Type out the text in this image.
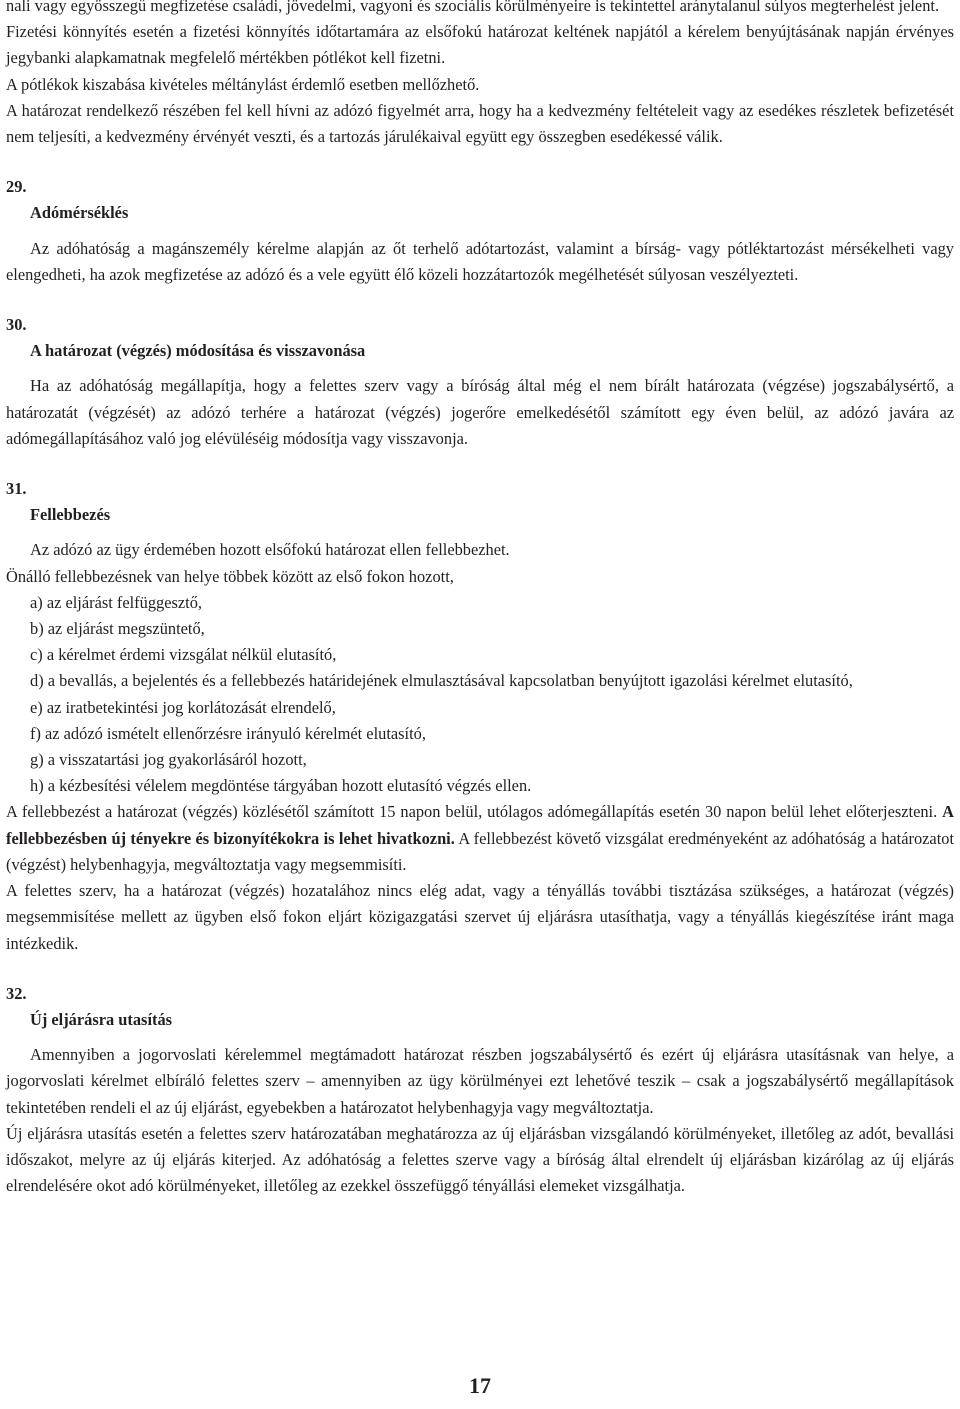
nali vagy egyösszegű megfizetése családi, jövedelmi, vagyoni és szociális körülményeire is tekintettel aránytalanul súlyos megterhelést jelent.

Fizetési könnyítés esetén a fizetési könnyítés időtartamára az elsőfokú határozat keltének napjától a kérelem benyújtásának napján érvényes jegybanki alapkamatnak megfelelő mértékben pótlékot kell fizetni.

A pótlékok kiszabása kivételes méltánylást érdemlő esetben mellőzhető.

A határozat rendelkező részében fel kell hívni az adózó figyelmét arra, hogy ha a kedvezmény feltételeit vagy az esedékes részletek befizetését nem teljesíti, a kedvezmény érvényét veszti, és a tartozás járulékaival együtt egy összegben esedékessé válik.

29.

Adómérséklés

Az adóhatóság a magánszemély kérelme alapján az őt terhelő adótartozást, valamint a bírság- vagy pótléktartozást mérsékelheti vagy elengedheti, ha azok megfizetése az adózó és a vele együtt élő közeli hozzátartozók megélhetését súlyosan veszélyezteti.

30.

A határozat (végzés) módosítása és visszavonása

Ha az adóhatóság megállapítja, hogy a felettes szerv vagy a bíróság által még el nem bírált határozata (végzése) jogszabálysértő, a határozatát (végzését) az adózó terhére a határozat (végzés) jogerőre emelkedésétől számított egy éven belül, az adózó javára az adómegállapításához való jog elévüléséig módosítja vagy visszavonja.

31.

Fellebbezés

Az adózó az ügy érdemében hozott elsőfokú határozat ellen fellebbezhet.

Önálló fellebbezésnek van helye többek között az első fokon hozott,

a) az eljárást felfüggesztő,
b) az eljárást megszüntető,
c) a kérelmet érdemi vizsgálat nélkül elutasító,
d) a bevallás, a bejelentés és a fellebbezés határidejének elmulasztásával kapcsolatban benyújtott igazolási kérelmet elutasító,
e) az iratbetekintési jog korlátozását elrendelő,
f) az adózó ismételt ellenőrzésre irányuló kérelmét elutasító,
g) a visszatartási jog gyakorlásáról hozott,
h) a kézbesítési vélelem megdöntése tárgyában hozott elutasító végzés ellen.

A fellebbezést a határozat (végzés) közlésétől számított 15 napon belül, utólagos adómegállapítás esetén 30 napon belül lehet előterjeszteni. A fellebbezésben új tényekre és bizonyítékokra is lehet hivatkozni. A fellebbezést követő vizsgálat eredményeként az adóhatóság a határozatot (végzést) helybenhagyja, megváltoztatja vagy megsemmisíti.

A felettes szerv, ha a határozat (végzés) hozatalához nincs elég adat, vagy a tényállás további tisztázása szükséges, a határozat (végzés) megsemmisítése mellett az ügyben első fokon eljárt közigazgatási szervet új eljárásra utasíthatja, vagy a tényállás kiegészítése iránt maga intézkedik.

32.

Új eljárásra utasítás

Amennyiben a jogorvoslati kérelemmel megtámadott határozat részben jogszabálysértő és ezért új eljárásra utasításnak van helye, a jogorvoslati kérelmet elbíráló felettes szerv – amennyiben az ügy körülményei ezt lehetővé teszik – csak a jogszabálysértő megállapítások tekintetében rendeli el az új eljárást, egyebekben a határozatot helybenhagyja vagy megváltoztatja.

Új eljárásra utasítás esetén a felettes szerv határozatában meghatározza az új eljárásban vizsgálandó körülményeket, illetőleg az adót, bevallási időszakot, melyre az új eljárás kiterjed. Az adóhatóság a felettes szerve vagy a bíróság által elrendelt új eljárásban kizárólag az új eljárás elrendelésére okot adó körülményeket, illetőleg az ezekkel összefüggő tényállási elemeket vizsgálhatja.

17
